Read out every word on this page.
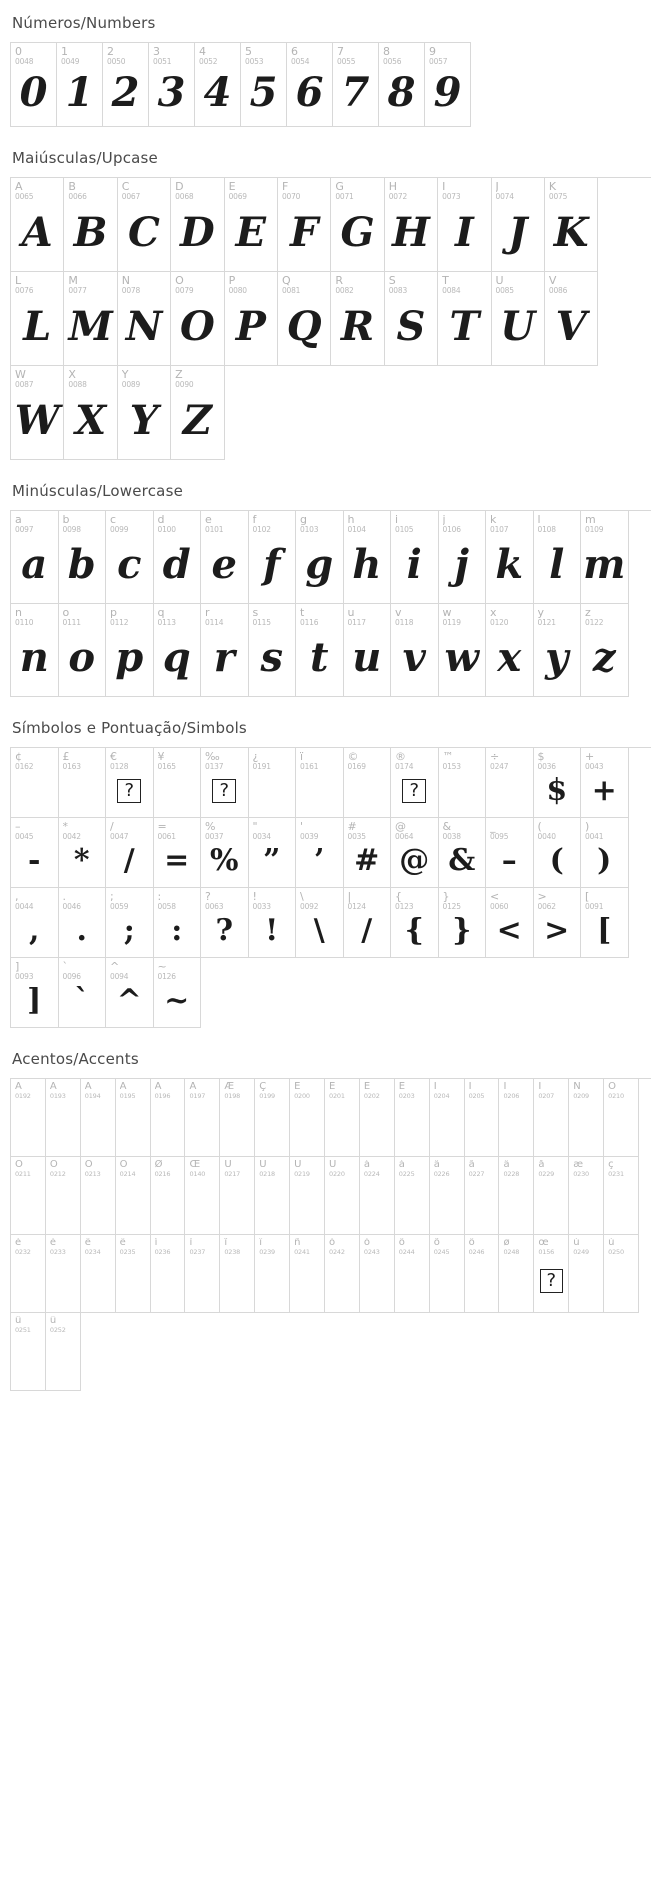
Números/Numbers
0
0048
0
1
0049
1
2
0050
2
3
0051
3
4
0052
4
5
0053
5
6
0054
6
7
0055
7
8
0056
8
9
0057
9
Maiúsculas/Upcase
A
0065
A
B
0066
B
C
0067
C
D
0068
D
E
0069
E
F
0070
F
G
0071
G
H
0072
H
I
0073
I
J
0074
J
K
0075
K
L
0076
L
M
0077
M
N
0078
N
O
0079
O
P
0080
P
Q
0081
Q
R
0082
R
S
0083
S
T
0084
T
U
0085
U
V
0086
V
W
0087
W
X
0088
X
Y
0089
Y
Z
0090
Z
Minúsculas/Lowercase
a
0097
a
b
0098
b
c
0099
c
d
0100
d
e
0101
e
f
0102
f
g
0103
g
h
0104
h
i
0105
i
j
0106
j
k
0107
k
l
0108
l
m
0109
m
n
0110
n
o
0111
o
p
0112
p
q
0113
q
r
0114
r
s
0115
s
t
0116
t
u
0117
u
v
0118
v
w
0119
w
x
0120
x
y
0121
y
z
0122
z
Símbolos e Pontuação/Simbols
¢
0162
£
0163
€
0128
?
¥
0165
‰
0137
?
¿
0191
ï
0161
©
0169
®
0174
?
™
0153
÷
0247
$
0036
$
+
0043
+
–
0045
-
*
0042
*
/
0047
/
=
0061
=
%
0037
%
"
0034
”
'
0039
’
#
0035
#
@
0064
@
&
0038
&
_
0095
–
(
0040
(
)
0041
)
,
0044
,
.
0046
.
;
0059
;
:
0058
:
?
0063
?
!
0033
!
\
0092
\
|
0124
/
{
0123
{
}
0125
}
<
0060
<
>
0062
>
[
0091
[
]
0093
]
`
0096
`
^
0094
^
~
0126
~
Acentos/Accents
À
0192
Á
0193
Â
0194
Ã
0195
Ä
0196
Å
0197
Æ
0198
Ç
0199
È
0200
É
0201
Ê
0202
Ë
0203
Ì
0204
Í
0205
Î
0206
Ï
0207
Ñ
0209
Ò
0210
Ó
0211
Ô
0212
Õ
0213
Ö
0214
Ø
0216
Œ
0140
Ù
0217
Ú
0218
Û
0219
Ü
0220
à
0224
á
0225
â
0226
ã
0227
ä
0228
å
0229
æ
0230
ç
0231
è
0232
é
0233
ê
0234
ë
0235
ì
0236
í
0237
î
0238
ï
0239
ñ
0241
ò
0242
ó
0243
ô
0244
õ
0245
ö
0246
ø
0248
œ
0156
?
ù
0249
ú
0250
û
0251
ü
0252
